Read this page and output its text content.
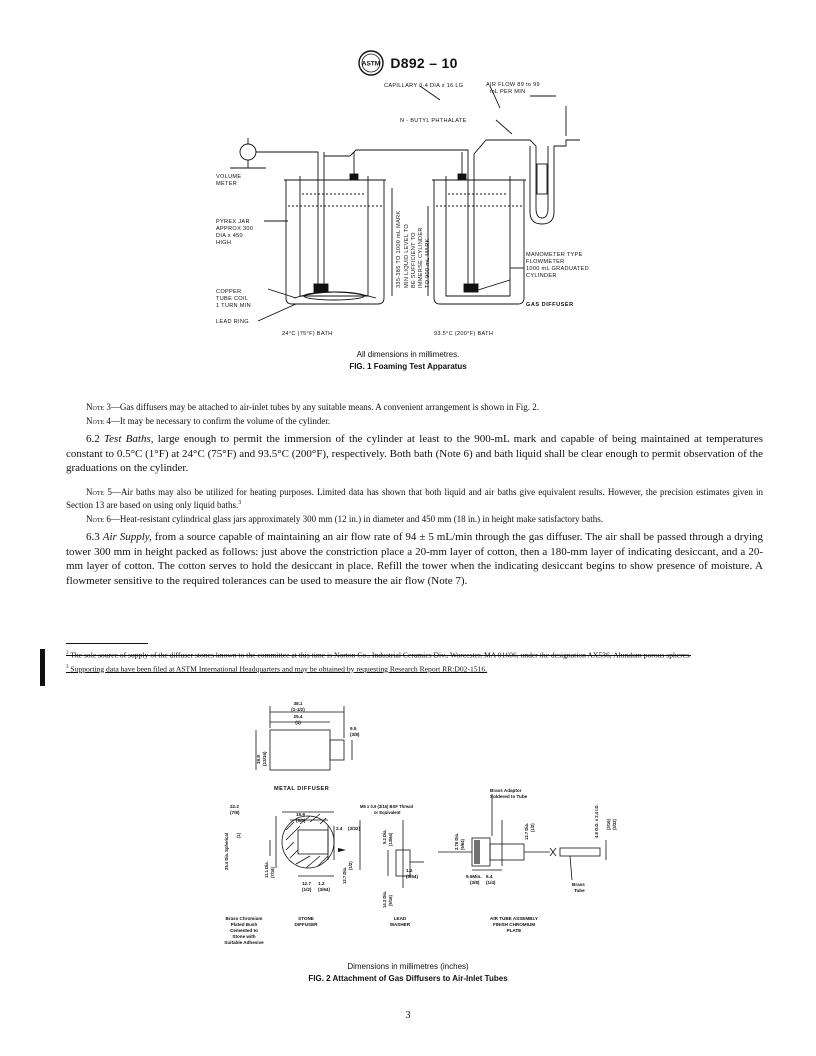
ASTM D892 – 10
CAPILLARY 0·4 DIA x 16 LG	AIR FLOW 89 to 99
mL PER MIN
N - BUTYL PHTHALATE
VOLUME
METER
PYREX JAR
APPROX 300
DIA x 450
HIGH	335-385 TO 1000 mL MARK MIN LIQUID LEVEL TO BE SUFFICIENT TO IMMERSE CYLINDER TO 900 mL MARK	MANOMETER TYPE
FLOWMETER
1000 mL GRADUATED
CYLINDER
COPPER
TUBE COIL
1 TURN MIN	GAS DIFFUSER
LEAD RING
24°C (75°F) BATH	93.5°C (200°F) BATH
All dimensions in millimetres.
FIG. 1 Foaming Test Apparatus
Note 3—Gas diffusers may be attached to air-inlet tubes by any suitable means. A convenient arrangement is shown in Fig. 2.
Note 4—It may be necessary to confirm the volume of the cylinder.
6.2 Test Baths, large enough to permit the immersion of the cylinder at least to the 900-mL mark and capable of being maintained at temperatures constant to 0.5°C (1°F) at 24°C (75°F) and 93.5°C (200°F), respectively. Both bath (Note 6) and bath liquid shall be clear enough to permit observation of the graduations on the cylinder.
Note 5—Air baths may also be utilized for heating purposes. Limited data has shown that both liquid and air baths give equivalent results. However, the precision estimates given in Section 13 are based on using only liquid baths.$^3$
Note 6—Heat-resistant cylindrical glass jars approximately 300 mm (12 in.) in diameter and 450 mm (18 in.) in height make satisfactory baths.
6.3 Air Supply, from a source capable of maintaining an air flow rate of 94 ± 5 mL/min through the gas diffuser. The air shall be passed through a drying tower 300 mm in height packed as follows: just above the constriction place a 20-mm layer of cotton, then a 180-mm layer of indicating desiccant, and a 20-mm layer of cotton. The cotton serves to hold the desiccant in place. Refill the tower when the indicating desiccant begins to show presence of moisture. A flowmeter sensitive to the required tolerances can be used to measure the air flow (Note 7).

$^3$ The sole source of supply of the diffuser stones known to the committee at this time is Norton Co., Industrial Ceramics Div., Worcester, MA 01606, under the designation AX536, Alundum porous spheres.

$^3$ Supporting data have been filed at ASTM International Headquarters and may be obtained by requesting Research Report RR:D02-1516.

38.1
(1-1/2)
25.4
(1)
9.5
(3/8)
19.8 (13/16)
METAL DIFFUSER
22.2
(7/8)	15.9
(5/8)
2.4 (3/32)
25.4 Dia. Spherical (1)
11.1 Dia. (7/16)
12.7
(1/2)
1.2
(3/64)
12.7 Dia.
(1/2)
M5 x 0.9 (3/16) BSF Thread
or Equivalent
5.2 Dia. (13/64)
1.2
(3/64)
14.3 Dia. (9/16)
Brass Adaptor
Soldered to Tube
2.76 Dia. (5/64)
12.7 Dia. (1/2)	4.8 O.D. x 2.4 I.D. (3/16) (3/32)
9.5Min.
(3/8)
6.4
(1/4)	Brass
Tube
Brass Chromium
Plated Bush
Cemented to
Stone with
Suitable Adhesive
STONE
DIFFUSER
LEAD
WASHER
AIR TUBE ASSEMBLY
FINISH CHROMIUM
PLATE
Dimensions in millimetres (inches)
FIG. 2 Attachment of Gas Diffusers to Air-Inlet Tubes
3
